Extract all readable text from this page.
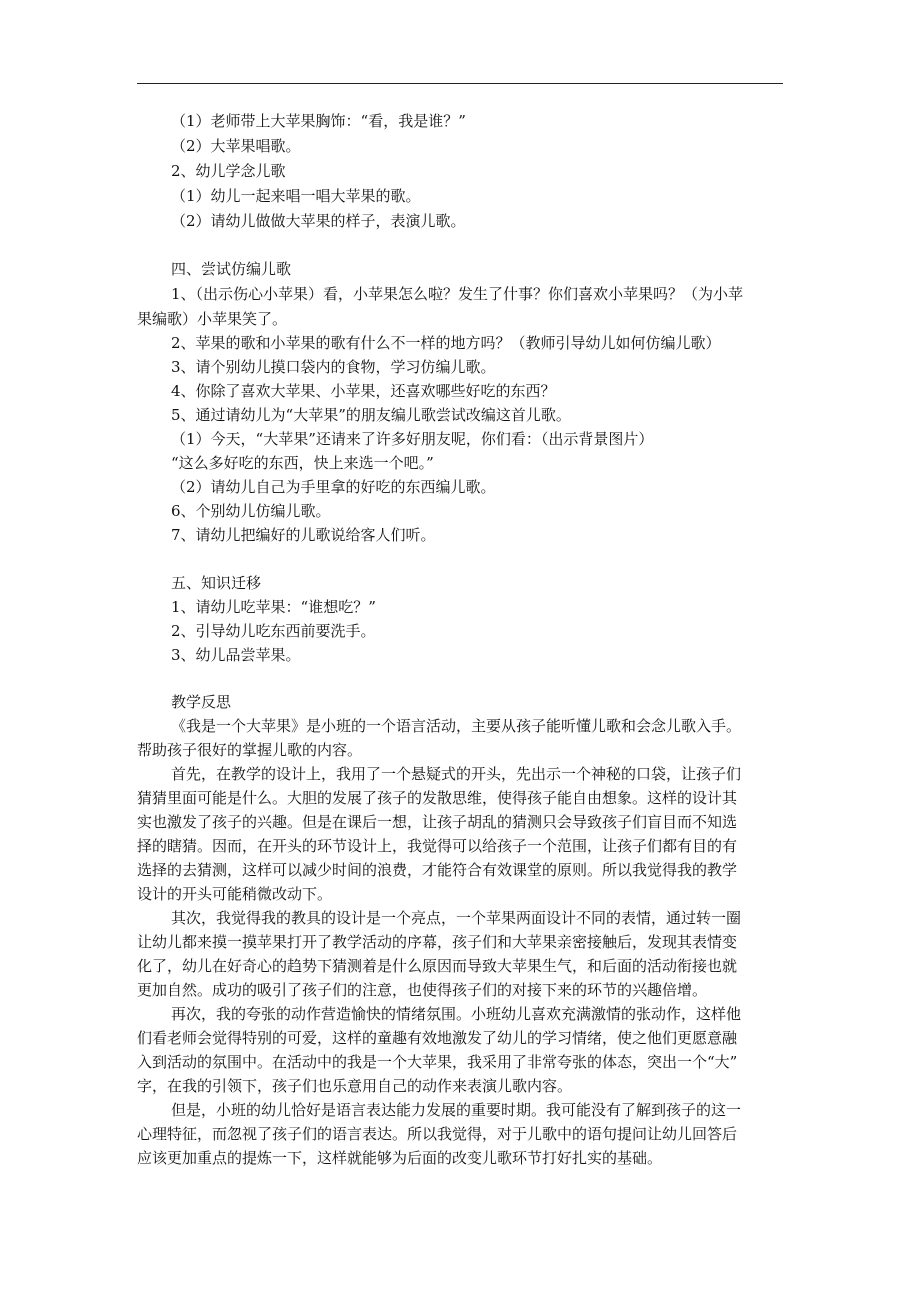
（1）老师带上大苹果胸饰：“看，我是谁？”
（2）大苹果唱歌。
2、幼儿学念儿歌
（1）幼儿一起来唱一唱大苹果的歌。
（2）请幼儿做做大苹果的样子，表演儿歌。
四、尝试仿编儿歌
1、（出示伤心小苹果）看，小苹果怎么啦？发生了什事？你们喜欢小苹果吗？（为小苹
果编歌）小苹果笑了。
2、苹果的歌和小苹果的歌有什么不一样的地方吗？（教师引导幼儿如何仿编儿歌）
3、请个别幼儿摸口袋内的食物，学习仿编儿歌。
4、你除了喜欢大苹果、小苹果，还喜欢哪些好吃的东西？
5、通过请幼儿为“大苹果”的朋友编儿歌尝试改编这首儿歌。
（1）今天，“大苹果”还请来了许多好朋友呢，你们看：（出示背景图片）
“这么多好吃的东西，快上来选一个吧。”
（2）请幼儿自己为手里拿的好吃的东西编儿歌。
6、个别幼儿仿编儿歌。
7、请幼儿把编好的儿歌说给客人们听。
五、知识迁移
1、请幼儿吃苹果：“谁想吃？”
2、引导幼儿吃东西前要洗手。
3、幼儿品尝苹果。
教学反思
《我是一个大苹果》是小班的一个语言活动，主要从孩子能听懂儿歌和会念儿歌入手。
帮助孩子很好的掌握儿歌的内容。
首先，在教学的设计上，我用了一个悬疑式的开头，先出示一个神秘的口袋，让孩子们
猜猜里面可能是什么。大胆的发展了孩子的发散思维，使得孩子能自由想象。这样的设计其
实也激发了孩子的兴趣。但是在课后一想，让孩子胡乱的猜测只会导致孩子们盲目而不知选
择的瞎猜。因而，在开头的环节设计上，我觉得可以给孩子一个范围，让孩子们都有目的有
选择的去猜测，这样可以减少时间的浪费，才能符合有效课堂的原则。所以我觉得我的教学
设计的开头可能稍微改动下。
其次，我觉得我的教具的设计是一个亮点，一个苹果两面设计不同的表情，通过转一圈
让幼儿都来摸一摸苹果打开了教学活动的序幕，孩子们和大苹果亲密接触后，发现其表情变
化了，幼儿在好奇心的趋势下猜测着是什么原因而导致大苹果生气，和后面的活动衔接也就
更加自然。成功的吸引了孩子们的注意，也使得孩子们的对接下来的环节的兴趣倍增。
再次，我的夸张的动作营造愉快的情绪氛围。小班幼儿喜欢充满激情的张动作，这样他
们看老师会觉得特别的可爱，这样的童趣有效地激发了幼儿的学习情绪，使之他们更愿意融
入到活动的氛围中。在活动中的我是一个大苹果，我采用了非常夸张的体态，突出一个“大”
字，在我的引领下，孩子们也乐意用自己的动作来表演儿歌内容。
但是，小班的幼儿恰好是语言表达能力发展的重要时期。我可能没有了解到孩子的这一
心理特征，而忽视了孩子们的语言表达。所以我觉得，对于儿歌中的语句提问让幼儿回答后
应该更加重点的提炼一下，这样就能够为后面的改变儿歌环节打好扎实的基础。
